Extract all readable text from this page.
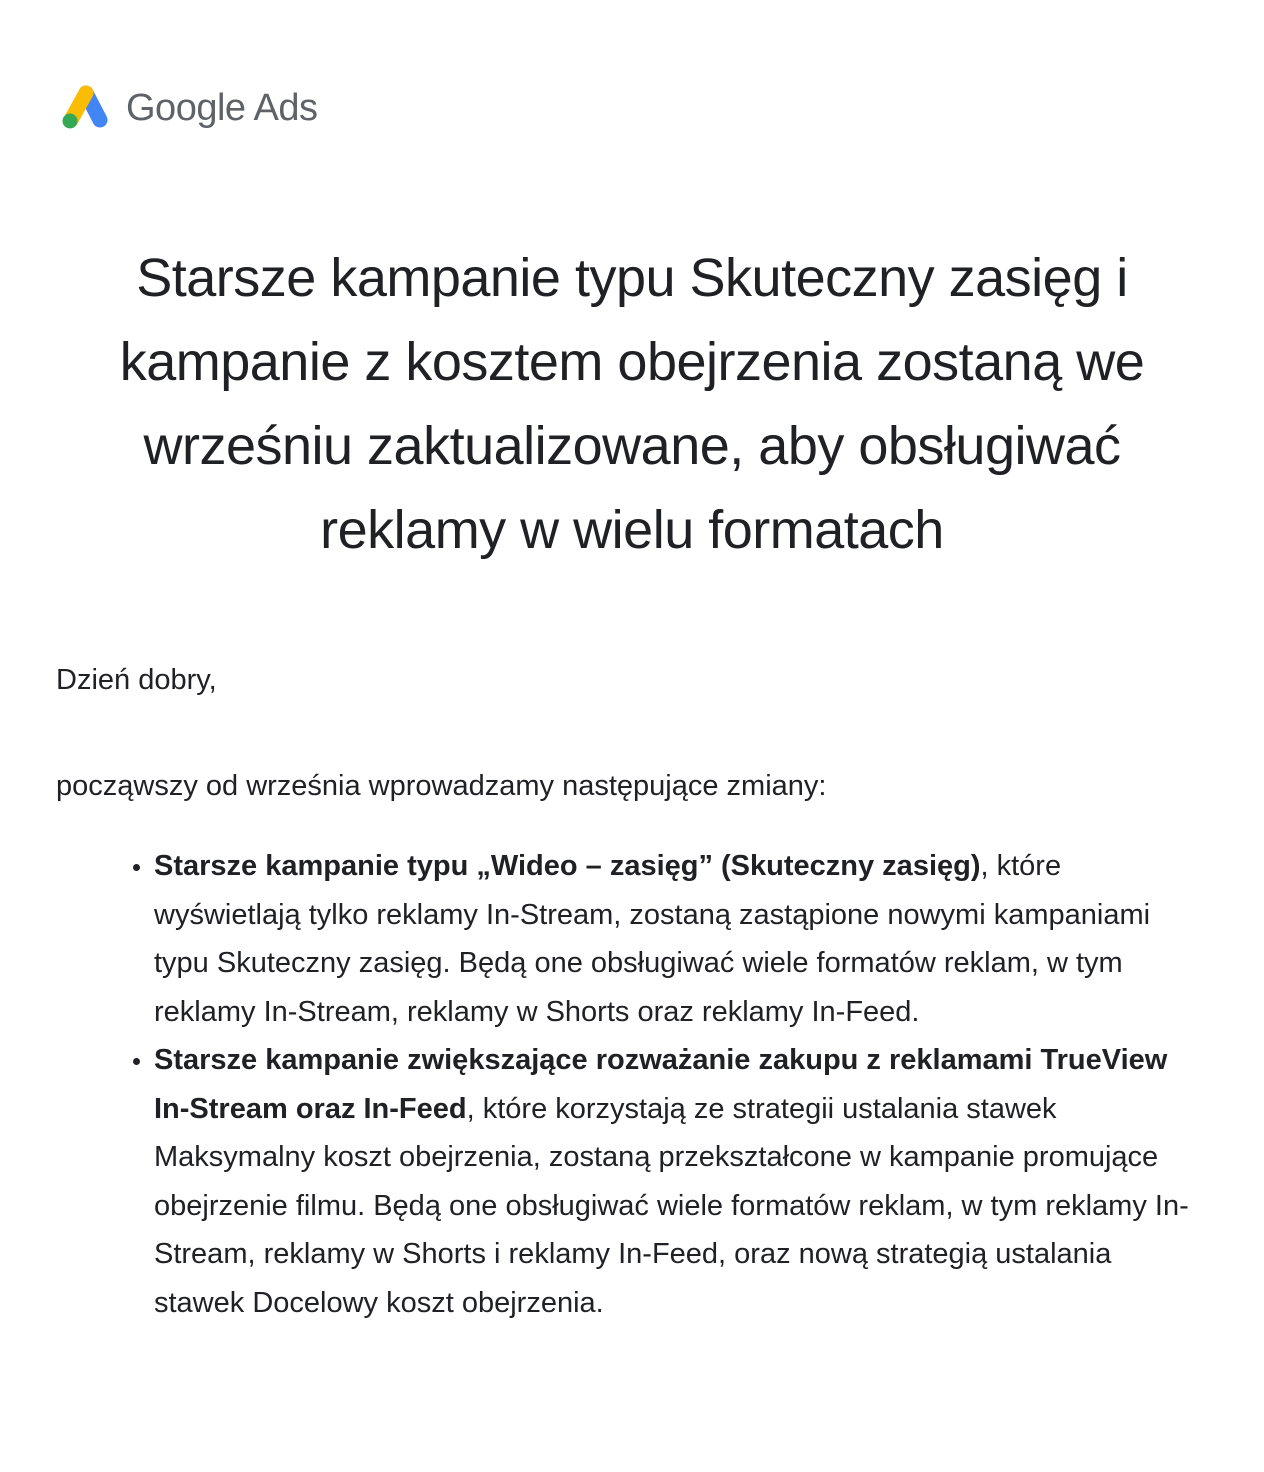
Google Ads
Starsze kampanie typu Skuteczny zasięg i kampanie z kosztem obejrzenia zostaną we wrześniu zaktualizowane, aby obsługiwać reklamy w wielu formatach

Dzień dobry,

począwszy od września wprowadzamy następujące zmiany:

• Starsze kampanie typu „Wideo – zasięg” (Skuteczny zasięg), które wyświetlają tylko reklamy In-Stream, zostaną zastąpione nowymi kampaniami typu Skuteczny zasięg. Będą one obsługiwać wiele formatów reklam, w tym reklamy In-Stream, reklamy w Shorts oraz reklamy In-Feed.
• Starsze kampanie zwiększające rozważanie zakupu z reklamami TrueView In-Stream oraz In-Feed, które korzystają ze strategii ustalania stawek Maksymalny koszt obejrzenia, zostaną przekształcone w kampanie promujące obejrzenie filmu. Będą one obsługiwać wiele formatów reklam, w tym reklamy In-Stream, reklamy w Shorts i reklamy In-Feed, oraz nową strategią ustalania stawek Docelowy koszt obejrzenia.
